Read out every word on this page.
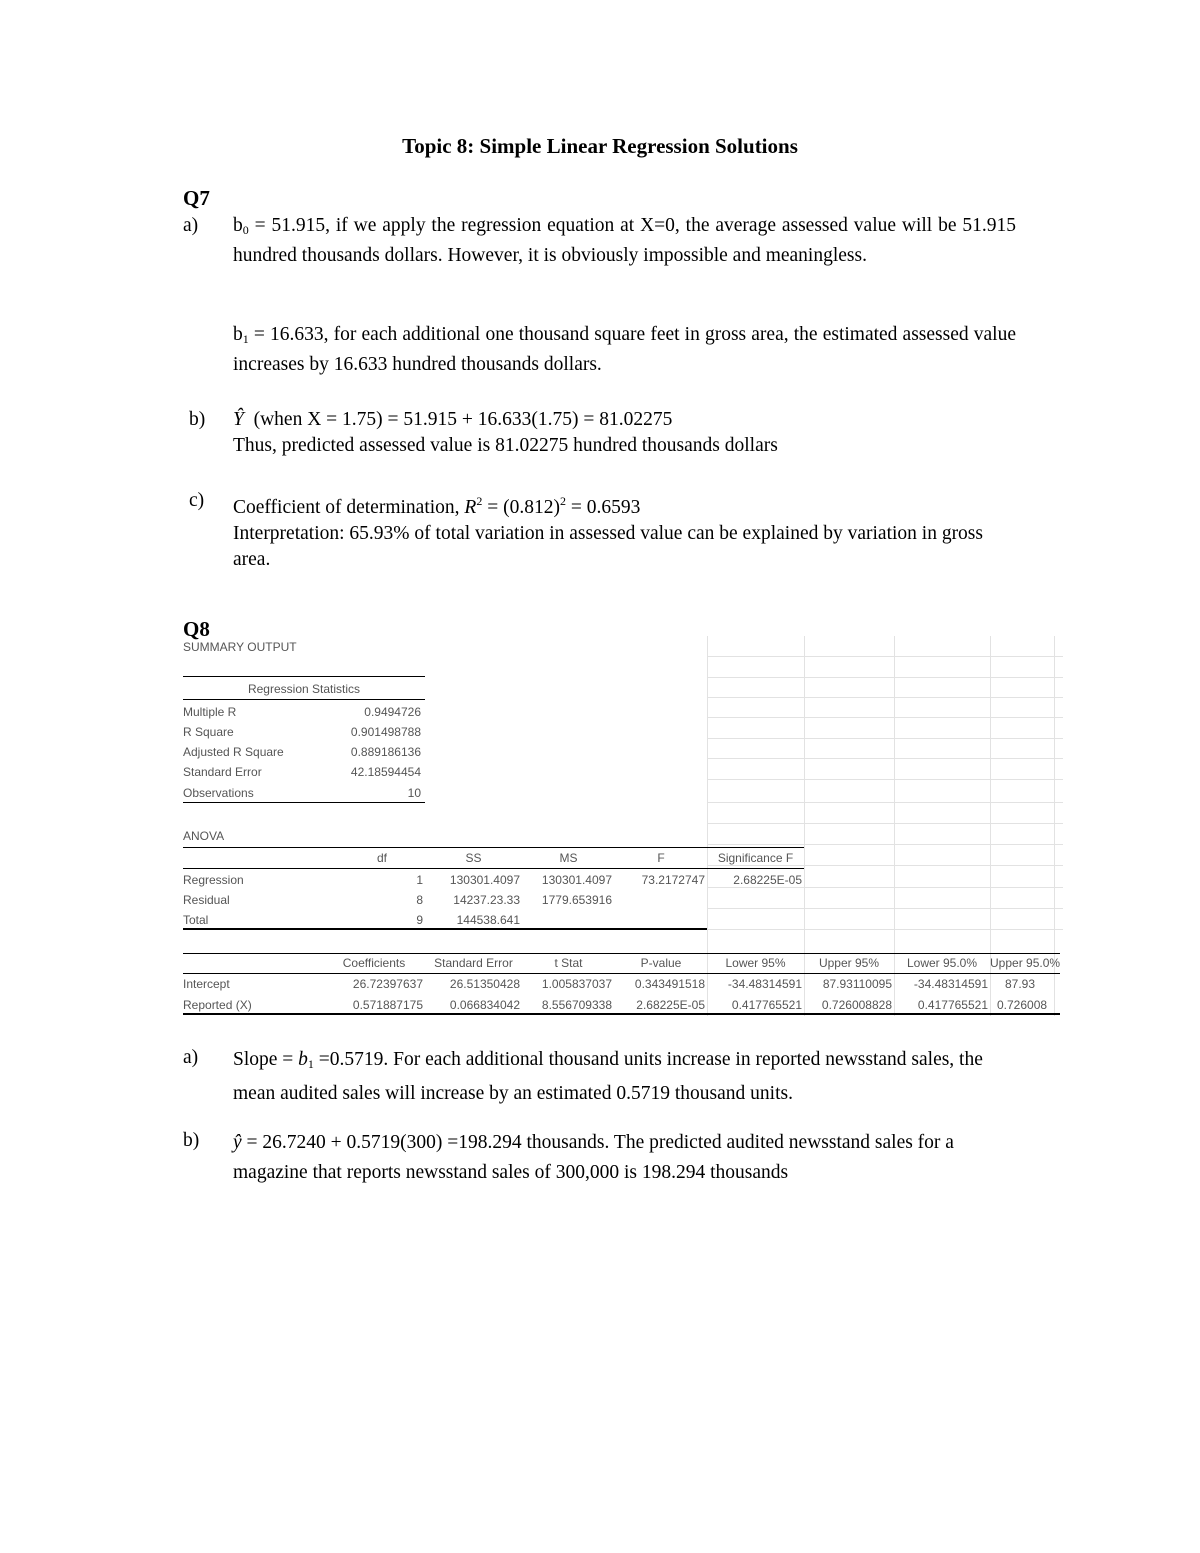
Topic 8: Simple Linear Regression Solutions
Q7
a) $b_0 = 51.915$, if we apply the regression equation at X=0, the average assessed value will be 51.915 hundred thousands dollars. However, it is obviously impossible and meaningless.
$b_1 = 16.633$, for each additional one thousand square feet in gross area, the estimated assessed value increases by 16.633 hundred thousands dollars.
b) Ŷ (when X = 1.75) = 51.915 + 16.633(1.75) = 81.02275
Thus, predicted assessed value is 81.02275 hundred thousands dollars
c) Coefficient of determination, $R^2 = (0.812)^2 = 0.6593$
Interpretation: 65.93% of total variation in assessed value can be explained by variation in gross area.
Q8
SUMMARY OUTPUT
Regression Statistics
Multiple R	0.9494726
R Square	0.901498788
Adjusted R Square	0.889186136
Standard Error	42.18594454
Observations	10
ANOVA
df	SS	MS	F	Significance F
Regression	1	130301.4097	130301.4097	73.2172747	2.68225E-05
Residual	8	14237.23.33	1779.653916
Total	9	144538.641
Coefficients	Standard Error	t Stat	P-value	Lower 95%	Upper 95%	Lower 95.0%	Upper 95.0%
Intercept	26.72397637	26.51350428	1.005837037	0.343491518	-34.48314591	87.93110095	-34.48314591 87.93
Reported (X)	0.571887175	0.066834042	8.556709338	2.68225E-05	0.417765521	0.726008828	0.417765521 0.726008
a) Slope = $b_1 =0.5719$. For each additional thousand units increase in reported newsstand sales, the mean audited sales will increase by an estimated 0.5719 thousand units.
b) ŷ = 26.7240 + 0.5719(300) =198.294 thousands. The predicted audited newsstand sales for a magazine that reports newsstand sales of 300,000 is 198.294 thousands
